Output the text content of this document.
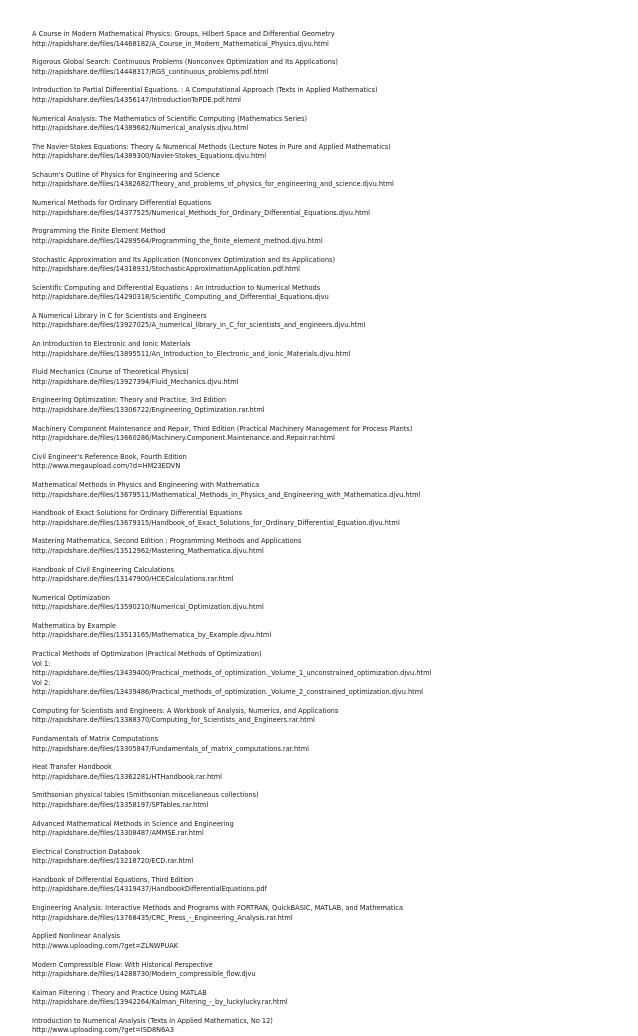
A Course in Modern Mathematical Physics: Groups, Hilbert Space and Differential Geometry
http://rapidshare.de/files/14468182/A_Course_in_Modern_Mathematical_Physics.djvu.html
Rigorous Global Search: Continuous Problems (Nonconvex Optimization and Its Applications)
http://rapidshare.de/files/14448317/RGS_continuous_problems.pdf.html
Introduction to Partial Differential Equations. : A Computational Approach (Texts in Applied Mathematics)
http://rapidshare.de/files/14356147/IntroductionToPDE.pdf.html
Numerical Analysis: The Mathematics of Scientific Computing (Mathematics Series)
http://rapidshare.de/files/14389682/Numerical_analysis.djvu.html
The Navier-Stokes Equations: Theory & Numerical Methods (Lecture Notes in Pure and Applied Mathematics)
http://rapidshare.de/files/14389300/Navier-Stokes_Equations.djvu.html
Schaum's Outline of Physics for Engineering and Science
http://rapidshare.de/files/14382682/Theory_and_problems_of_physics_for_engineering_and_science.djvu.html
Numerical Methods for Ordinary Differential Equations
http://rapidshare.de/files/14377525/Numerical_Methods_for_Ordinary_Differential_Equations.djvu.html
Programming the Finite Element Method
http://rapidshare.de/files/14289564/Programming_the_finite_element_method.djvu.html
Stochastic Approximation and Its Application (Nonconvex Optimization and Its Applications)
http://rapidshare.de/files/14318931/StochasticApproximationApplication.pdf.html
Scientific Computing and Differential Equations : An Introduction to Numerical Methods
http://rapidshare.de/files/14290318/Scientific_Computing_and_Differential_Equations.djvu
A Numerical Library in C for Scientists and Engineers
http://rapidshare.de/files/13927025/A_numerical_library_in_C_for_scientists_and_engineers.djvu.html
An Introduction to Electronic and Ionic Materials
http://rapidshare.de/files/13895511/An_Introduction_to_Electronic_and_Ionic_Materials.djvu.html
Fluid Mechanics (Course of Theoretical Physics)
http://rapidshare.de/files/13927394/Fluid_Mechanics.djvu.html
Engineering Optimization: Theory and Practice, 3rd Edition
http://rapidshare.de/files/13306722/Engineering_Optimization.rar.html
Machinery Component Maintenance and Repair, Third Edition (Practical Machinery Management for Process Plants)
http://rapidshare.de/files/13660286/Machinery.Component.Maintenance.and.Repair.rar.html
Civil Engineer's Reference Book, Fourth Edition
http://www.megaupload.com/?d=HM23EDVN
Mathematical Methods in Physics and Engineering with Mathematica
http://rapidshare.de/files/13679511/Mathematical_Methods_in_Physics_and_Engineering_with_Mathematica.djvu.html
Handbook of Exact Solutions for Ordinary Differential Equations
http://rapidshare.de/files/13679315/Handbook_of_Exact_Solutions_for_Ordinary_Differential_Equation.djvu.html
Mastering Mathematica, Second Edition : Programming Methods and Applications
http://rapidshare.de/files/13512962/Mastering_Mathematica.djvu.html
Handbook of Civil Engineering Calculations
http://rapidshare.de/files/13147900/HCECalculations.rar.html
Numerical Optimization
http://rapidshare.de/files/13590210/Numerical_Optimization.djvu.html
Mathematica by Example
http://rapidshare.de/files/13513165/Mathematica_by_Example.djvu.html
Practical Methods of Optimization (Practical Methods of Optimization)
Vol 1:
http://rapidshare.de/files/13439400/Practical_methods_of_optimization._Volume_1_unconstrained_optimization.djvu.html
Vol 2:
http://rapidshare.de/files/13439486/Practical_methods_of_optimization._Volume_2_constrained_optimization.djvu.html
Computing for Scientists and Engineers: A Workbook of Analysis, Numerics, and Applications
http://rapidshare.de/files/13388370/Computing_for_Scientists_and_Engineers.rar.html
Fundamentals of Matrix Computations
http://rapidshare.de/files/13305847/Fundamentals_of_matrix_computations.rar.html
Heat Transfer Handbook
http://rapidshare.de/files/13362281/HTHandbook.rar.html
Smithsonian physical tables (Smithsonian miscellaneous collections)
http://rapidshare.de/files/13358197/SPTables.rar.html
Advanced Mathematical Methods in Science and Engineering
http://rapidshare.de/files/13308487/AMMSE.rar.html
Electrical Construction Databook
http://rapidshare.de/files/13218720/ECD.rar.html
Handbook of Differential Equations, Third Edition
http://rapidshare.de/files/14319437/HandbookDifferentialEquations.pdf
Engineering Analysis: Interactive Methods and Programs with FORTRAN, QuickBASIC, MATLAB, and Mathematica
http://rapidshare.de/files/13768435/CRC_Press_-_Engineering_Analysis.rar.html
Applied Nonlinear Analysis
http://www.uploading.com/?get=ZLNWPUAK
Modern Compressible Flow: With Historical Perspective
http://rapidshare.de/files/14288730/Modern_compressible_flow.djvu
Kalman Filtering : Theory and Practice Using MATLAB
http://rapidshare.de/files/13942264/Kalman_Filtering_-_by_luckylucky.rar.html
Introduction to Numerical Analysis (Texts in Applied Mathematics, No 12)
http://www.uploading.com/?get=ISD8N6A3
